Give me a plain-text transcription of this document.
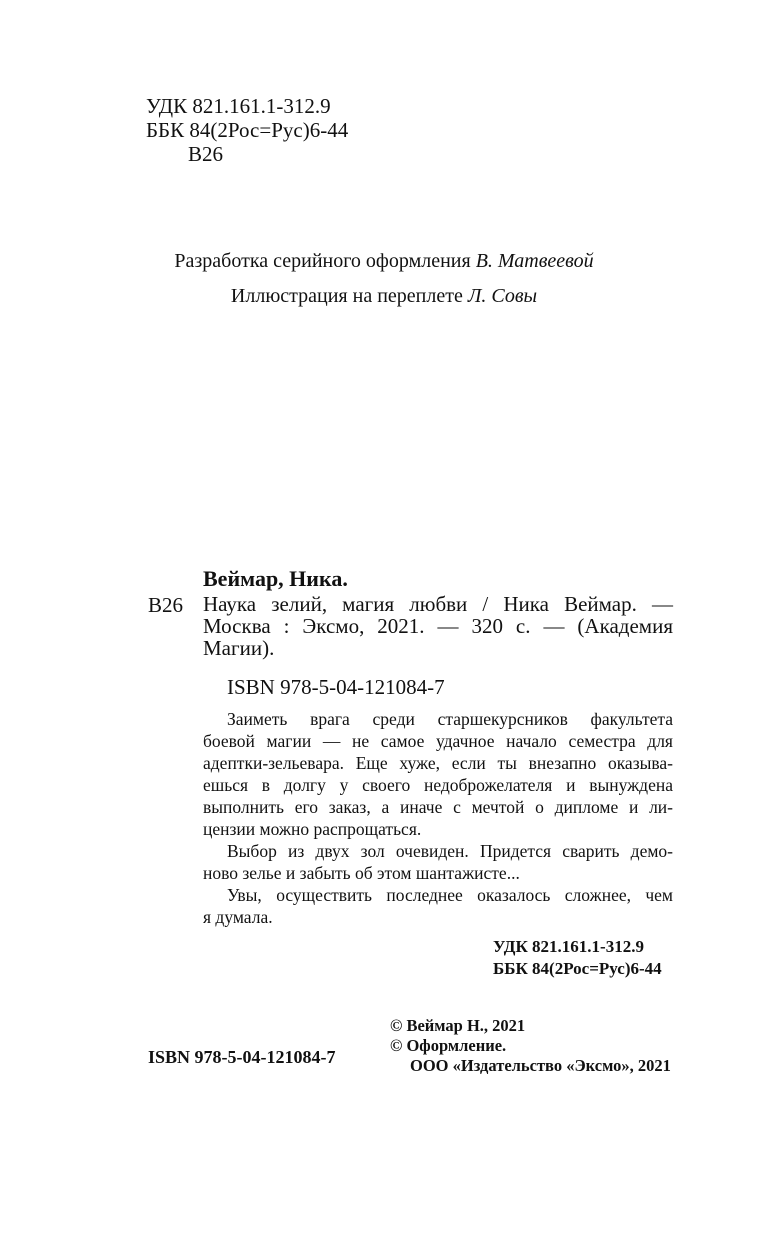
УДК 821.161.1-312.9
ББК 84(2Рос=Рус)6-44
В26
Разработка серийного оформления В. Матвеевой
Иллюстрация на переплете Л. Совы
Веймар, Ника.
В26 Наука зелий, магия любви / Ника Веймар. —
Москва : Эксмо, 2021. — 320 с. — (Академия
Магии).
ISBN 978-5-04-121084-7
Заиметь врага среди старшекурсников факультета
боевой магии — не самое удачное начало семестра для
адептки-зельевара. Еще хуже, если ты внезапно оказыва-
ешься в долгу у своего недоброжелателя и вынуждена
выполнить его заказ, а иначе с мечтой о дипломе и ли-
цензии можно распрощаться.
Выбор из двух зол очевиден. Придется сварить демо-
ново зелье и забыть об этом шантажисте...
Увы, осуществить последнее оказалось сложнее, чем
я думала.
УДК 821.161.1-312.9
ББК 84(2Рос=Рус)6-44
© Веймар Н., 2021
© Оформление.
ООО «Издательство «Эксмо», 2021
ISBN 978-5-04-121084-7
